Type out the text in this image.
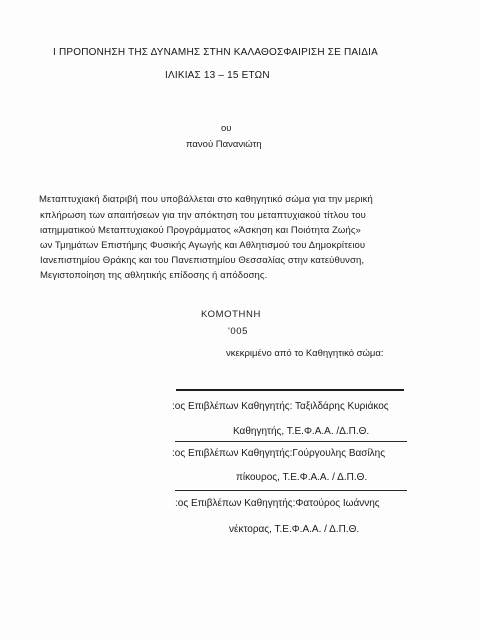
Ι ΠΡΟΠΟΝΗΣΗ ΤΗΣ ΔΥΝΑΜΗΣ ΣΤΗΝ ΚΑΛΑΘΟΣΦΑΙΡΙΣΗ ΣΕ ΠΑΙΔΙΑ
ΙΛΙΚΙΑΣ 13 – 15 ΕΤΩΝ
ου
πανού Πανανιώτη
Μεταπτυχιακή διατριβή που υποβάλλεται στο καθηγητικό σώμα για την μερική
κπλήρωση των απαιτήσεων για την απόκτηση του μεταπτυχιακού τίτλου του
ιατημματικού Μεταπτυχιακού Προγράμματος «Άσκηση και Ποιότητα Ζωής»
ων Τμημάτων Επιστήμης Φυσικής Αγωγής και Αθλητισμού του Δημοκρίτειου
Ιανεπιστημίου Θράκης και του Πανεπιστημίου Θεσσαλίας στην κατεύθυνση,
Μεγιστοποίηση της αθλητικής επίδοσης ή απόδοσης.
ΚΟΜΟΤΗΝΗ
'005
νκεκριμένο από το Καθηγητικό σώμα:
:ος Επιβλέπων Καθηγητής: Ταξιλδάρης Κυριάκος
Καθηγητής, Τ.Ε.Φ.Α.Α. /Δ.Π.Θ.
:ος Επιβλέπων Καθηγητής:Γούργουλης Βασίλης
πίκουρος, Τ.Ε.Φ.Α.Α. / Δ.Π.Θ.
:ος Επιβλέπων Καθηγητής:Φατούρος Ιωάννης
νέκτορας, Τ.Ε.Φ.Α.Α. / Δ.Π.Θ.
